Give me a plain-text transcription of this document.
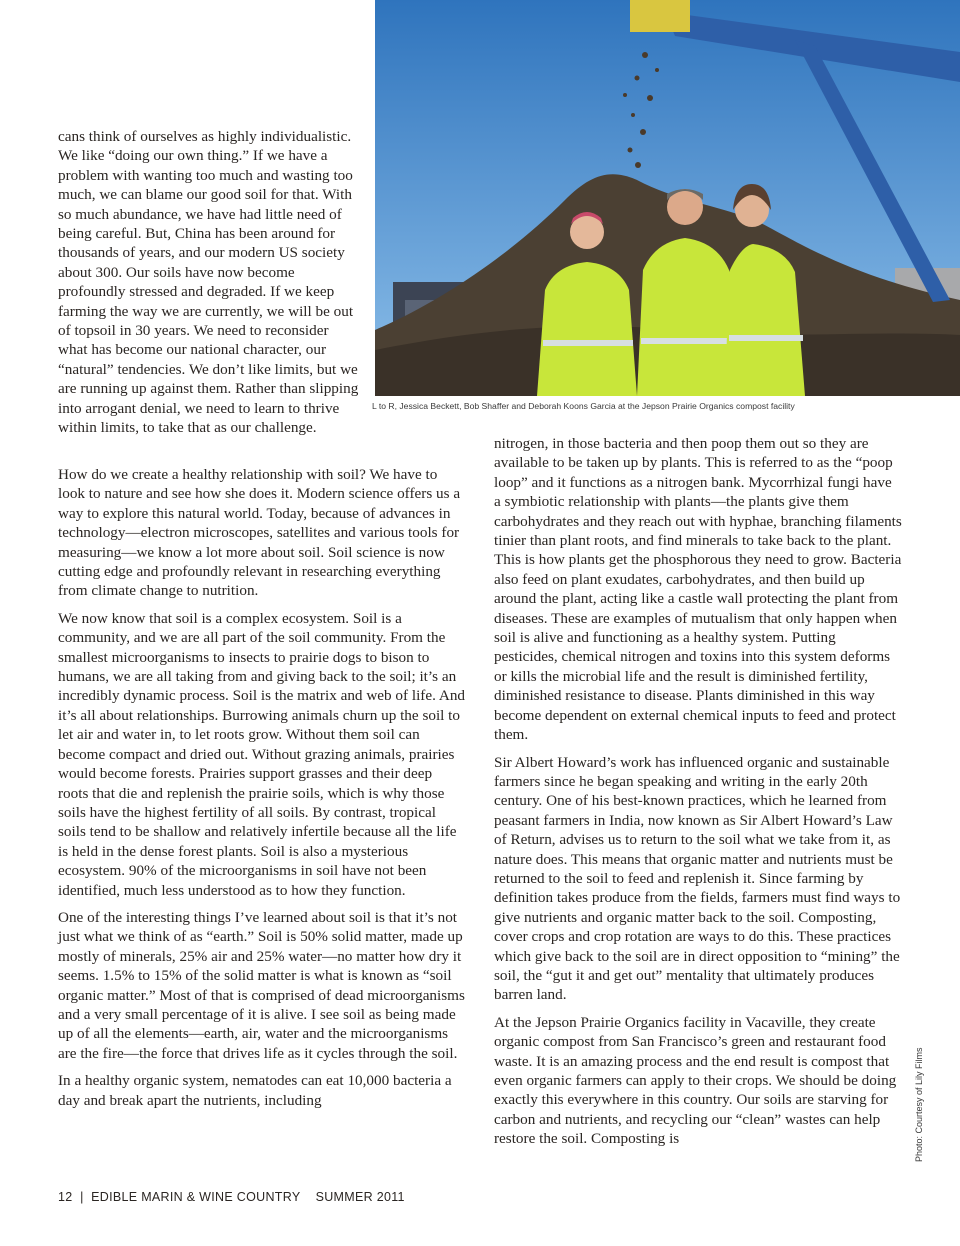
cans think of ourselves as highly individualistic. We like “doing our own thing.” If we have a problem with wanting too much and wasting too much, we can blame our good soil for that. With so much abundance, we have had little need of being careful. But, China has been around for thousands of years, and our modern US society about 300. Our soils have now become profoundly stressed and degraded. If we keep farming the way we are currently, we will be out of topsoil in 30 years. We need to reconsider what has become our national character, our “natural” tendencies. We don’t like limits, but we are running up against them. Rather than slipping into arrogant denial, we need to learn to thrive within limits, to take that as our challenge.

L to R, Jessica Beckett, Bob Shaffer and Deborah Koons Garcia at the Jepson Prairie Organics compost facility
Photo: Courtesy of Lily Films

How do we create a healthy relationship with soil? We have to look to nature and see how she does it. Modern science offers us a way to explore this natural world. Today, because of advances in technology—electron microscopes, satellites and various tools for measuring—we know a lot more about soil. Soil science is now cutting edge and profoundly relevant in researching everything from climate change to nutrition.

We now know that soil is a complex ecosystem. Soil is a community, and we are all part of the soil community. From the smallest microorganisms to insects to prairie dogs to bison to humans, we are all taking from and giving back to the soil; it’s an incredibly dynamic process. Soil is the matrix and web of life. And it’s all about relationships. Burrowing animals churn up the soil to let air and water in, to let roots grow. Without them soil can become compact and dried out. Without grazing animals, prairies would become forests. Prairies support grasses and their deep roots that die and replenish the prairie soils, which is why those soils have the highest fertility of all soils. By contrast, tropical soils tend to be shallow and relatively infertile because all the life is held in the dense forest plants. Soil is also a mysterious ecosystem. 90% of the microorganisms in soil have not been identified, much less understood as to how they function.

One of the interesting things I’ve learned about soil is that it’s not just what we think of as “earth.” Soil is 50% solid matter, made up mostly of minerals, 25% air and 25% water—no matter how dry it seems. 1.5% to 15% of the solid matter is what is known as “soil organic matter.” Most of that is comprised of dead microorganisms and a very small percentage of it is alive. I see soil as being made up of all the elements—earth, air, water and the microorganisms are the fire—the force that drives life as it cycles through the soil.

In a healthy organic system, nematodes can eat 10,000 bacteria a day and break apart the nutrients, including

nitrogen, in those bacteria and then poop them out so they are available to be taken up by plants. This is referred to as the “poop loop” and it functions as a nitrogen bank. Mycorrhizal fungi have a symbiotic relationship with plants—the plants give them carbohydrates and they reach out with hyphae, branching filaments tinier than plant roots, and find minerals to take back to the plant. This is how plants get the phosphorous they need to grow. Bacteria also feed on plant exudates, carbohydrates, and then build up around the plant, acting like a castle wall protecting the plant from diseases. These are examples of mutualism that only happen when soil is alive and functioning as a healthy system. Putting pesticides, chemical nitrogen and toxins into this system deforms or kills the microbial life and the result is diminished fertility, diminished resistance to disease. Plants diminished in this way become dependent on external chemical inputs to feed and protect them.

Sir Albert Howard’s work has influenced organic and sustainable farmers since he began speaking and writing in the early 20th century. One of his best-known practices, which he learned from peasant farmers in India, now known as Sir Albert Howard’s Law of Return, advises us to return to the soil what we take from it, as nature does. This means that organic matter and nutrients must be returned to the soil to feed and replenish it. Since farming by definition takes produce from the fields, farmers must find ways to give nutrients and organic matter back to the soil. Composting, cover crops and crop rotation are ways to do this. These practices which give back to the soil are in direct opposition to “mining” the soil, the “gut it and get out” mentality that ultimately produces barren land.

At the Jepson Prairie Organics facility in Vacaville, they create organic compost from San Francisco’s green and restaurant food waste. It is an amazing process and the end result is compost that even organic farmers can apply to their crops. We should be doing exactly this everywhere in this country. Our soils are starving for carbon and nutrients, and recycling our “clean” wastes can help restore the soil. Composting is

12 | EDIBLE MARIN & WINE COUNTRY SUMMER 2011
